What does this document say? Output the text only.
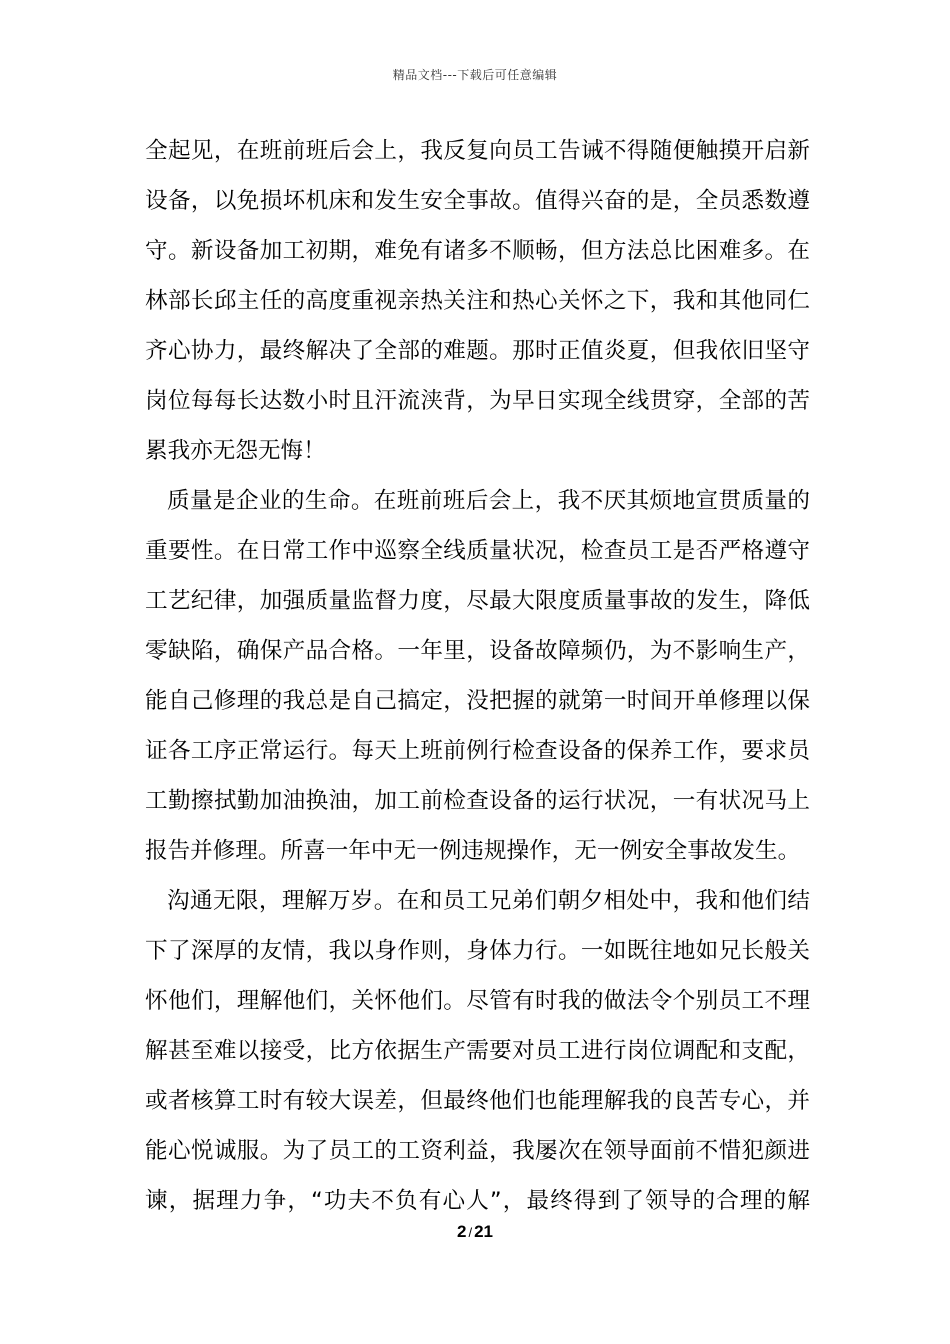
精品文档---下载后可任意编辑
全起见，在班前班后会上，我反复向员工告诫不得随便触摸开启新
设备，以免损坏机床和发生安全事故。值得兴奋的是，全员悉数遵
守。新设备加工初期，难免有诸多不顺畅，但方法总比困难多。在
林部长邱主任的高度重视亲热关注和热心关怀之下，我和其他同仁
齐心协力，最终解决了全部的难题。那时正值炎夏，但我依旧坚守
岗位每每长达数小时且汗流浃背，为早日实现全线贯穿，全部的苦
累我亦无怨无悔！
质量是企业的生命。在班前班后会上，我不厌其烦地宣贯质量的
重要性。在日常工作中巡察全线质量状况，检查员工是否严格遵守
工艺纪律，加强质量监督力度，尽最大限度质量事故的发生，降低
零缺陷，确保产品合格。一年里，设备故障频仍，为不影响生产，
能自己修理的我总是自己搞定，没把握的就第一时间开单修理以保
证各工序正常运行。每天上班前例行检查设备的保养工作，要求员
工勤擦拭勤加油换油，加工前检查设备的运行状况，一有状况马上
报告并修理。所喜一年中无一例违规操作，无一例安全事故发生。
沟通无限，理解万岁。在和员工兄弟们朝夕相处中，我和他们结
下了深厚的友情，我以身作则，身体力行。一如既往地如兄长般关
怀他们，理解他们，关怀他们。尽管有时我的做法令个别员工不理
解甚至难以接受，比方依据生产需要对员工进行岗位调配和支配，
或者核算工时有较大误差，但最终他们也能理解我的良苦专心，并
能心悦诚服。为了员工的工资利益，我屡次在领导面前不惜犯颜进
谏，据理力争，“功夫不负有心人”，最终得到了领导的合理的解
2 / 21
